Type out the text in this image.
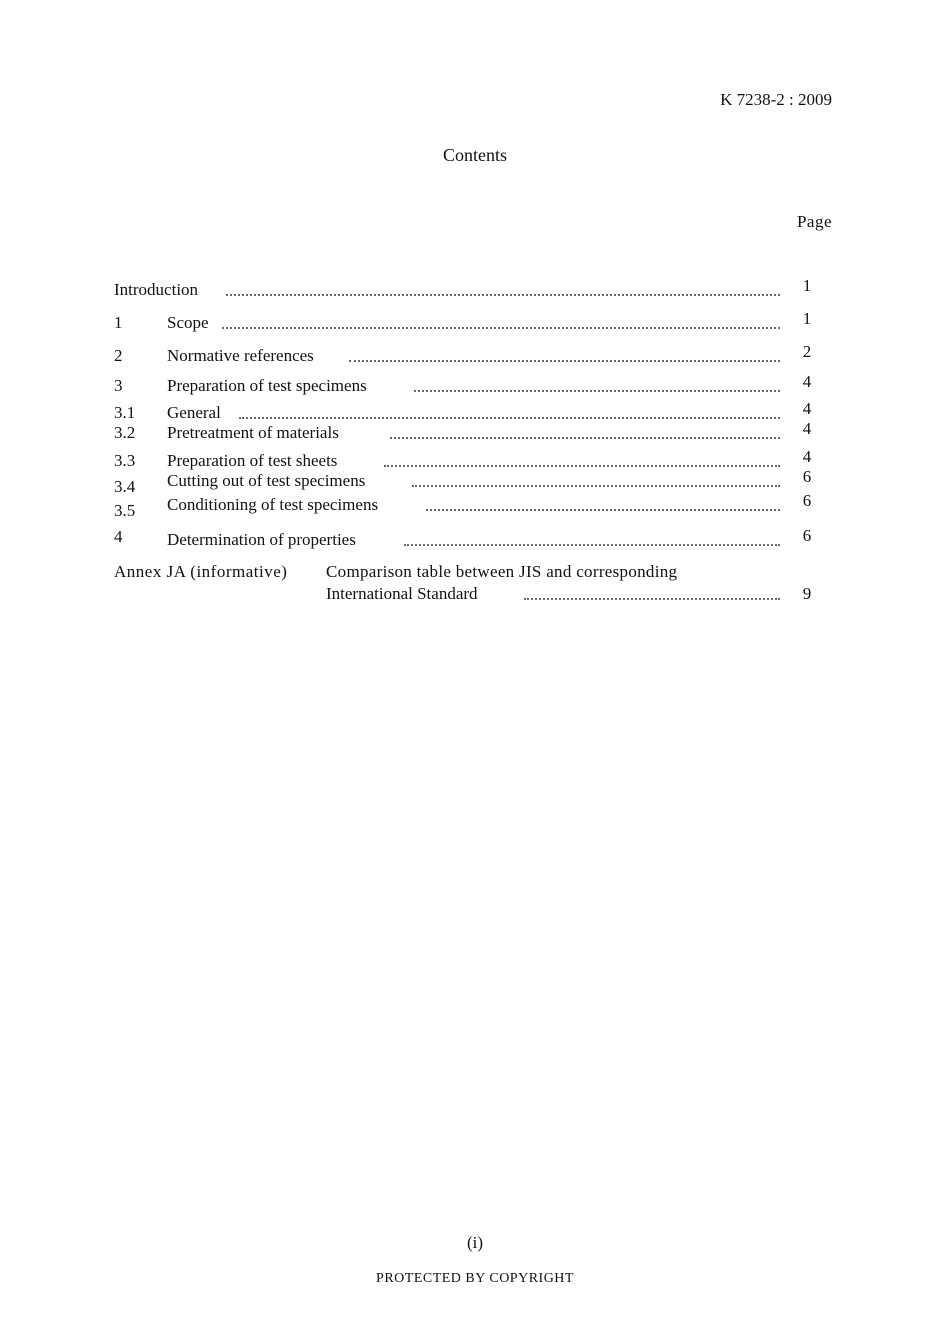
K 7238-2 : 2009
Contents
Page
Introduction	1
1	Scope	1
2	Normative references	2
3	Preparation of test specimens	4
3.1 General	4
3.2 Pretreatment of materials	4
3.3 Preparation of test sheets	4
3.4 Cutting out of test specimens	6
3.5 Conditioning of test specimens	6
4	Determination of properties	6
Annex JA (informative) Comparison table between JIS and corresponding
International Standard	9
(i)
PROTECTED BY COPYRIGHT
